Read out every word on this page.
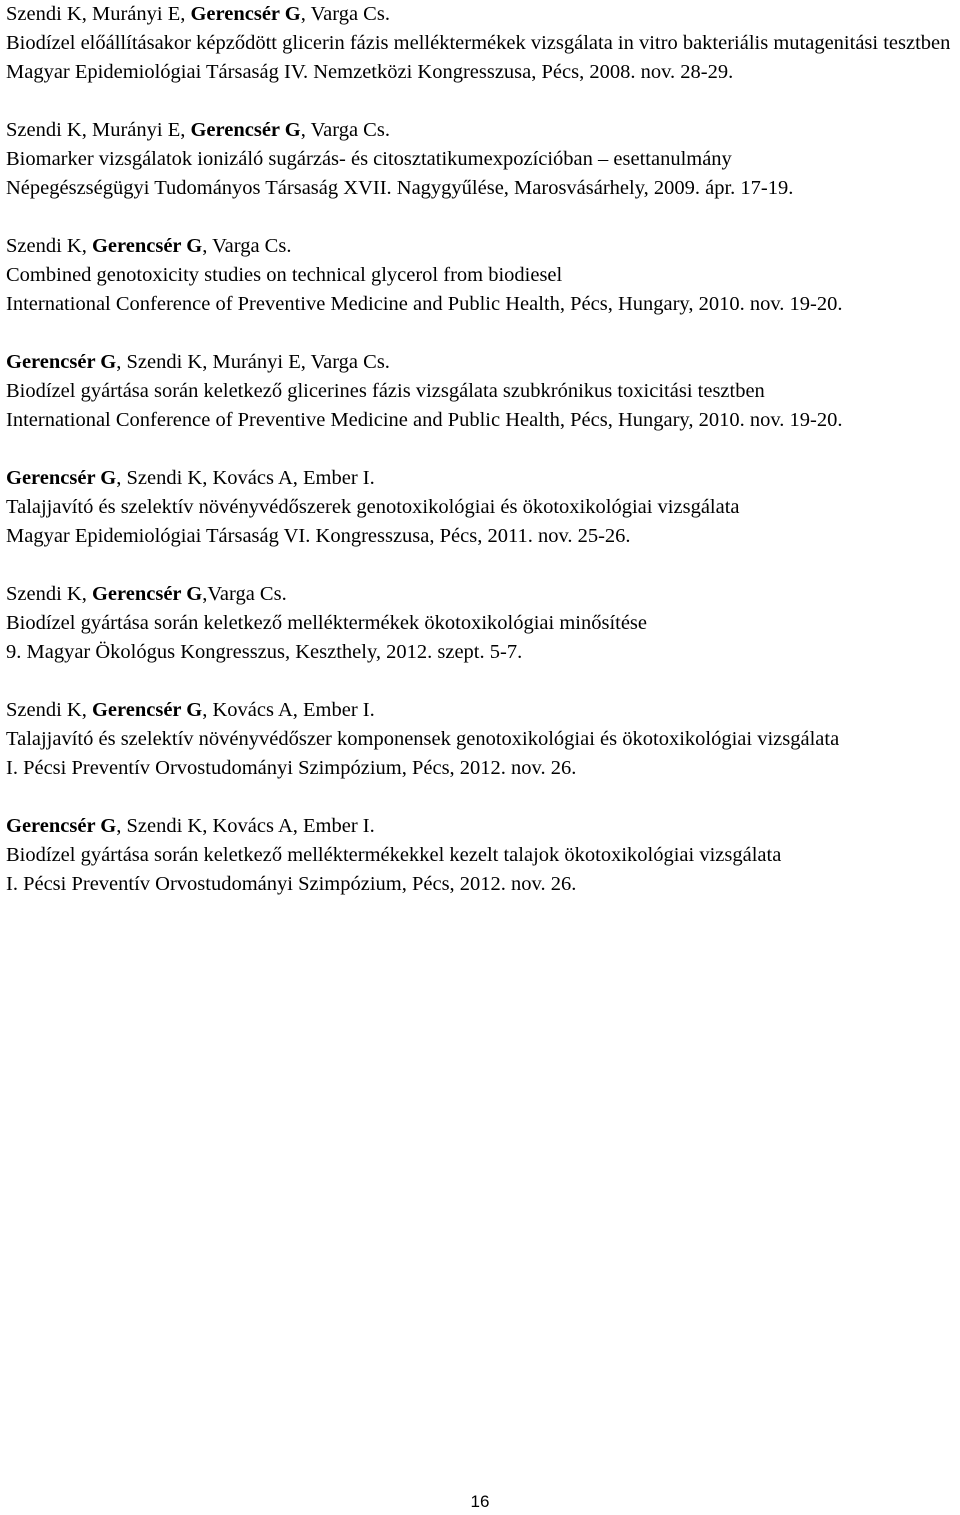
Szendi K, Murányi E, Gerencsér G, Varga Cs.
Biodízel előállításakor képződött glicerin fázis melléktermékek vizsgálata in vitro bakteriális mutagenitási tesztben
Magyar Epidemiológiai Társaság IV. Nemzetközi Kongresszusa, Pécs, 2008. nov. 28-29.
Szendi K, Murányi E, Gerencsér G, Varga Cs.
Biomarker vizsgálatok ionizáló sugárzás- és citosztatikumexpozícióban – esettanulmány
Népegészségügyi Tudományos Társaság XVII. Nagygyűlése, Marosvásárhely, 2009. ápr. 17-19.
Szendi K, Gerencsér G, Varga Cs.
Combined genotoxicity studies on technical glycerol from biodiesel
International Conference of Preventive Medicine and Public Health, Pécs, Hungary, 2010. nov. 19-20.
Gerencsér G, Szendi K, Murányi E, Varga Cs.
Biodízel gyártása során keletkező glicerines fázis vizsgálata szubkrónikus toxicitási tesztben
International Conference of Preventive Medicine and Public Health, Pécs, Hungary, 2010. nov. 19-20.
Gerencsér G, Szendi K, Kovács A, Ember I.
Talajjavító és szelektív növényvédőszerek genotoxikológiai és ökotoxikológiai vizsgálata
Magyar Epidemiológiai Társaság VI. Kongresszusa, Pécs, 2011. nov. 25-26.
Szendi K, Gerencsér G,Varga Cs.
Biodízel gyártása során keletkező melléktermékek ökotoxikológiai minősítése
9. Magyar Ökológus Kongresszus, Keszthely, 2012. szept. 5-7.
Szendi K, Gerencsér G, Kovács A, Ember I.
Talajjavító és szelektív növényvédőszer komponensek genotoxikológiai és ökotoxikológiai vizsgálata
I. Pécsi Preventív Orvostudományi Szimpózium, Pécs, 2012. nov. 26.
Gerencsér G, Szendi K, Kovács A, Ember I.
Biodízel gyártása során keletkező melléktermékekkel kezelt talajok ökotoxikológiai vizsgálata
I. Pécsi Preventív Orvostudományi Szimpózium, Pécs, 2012. nov. 26.
16
